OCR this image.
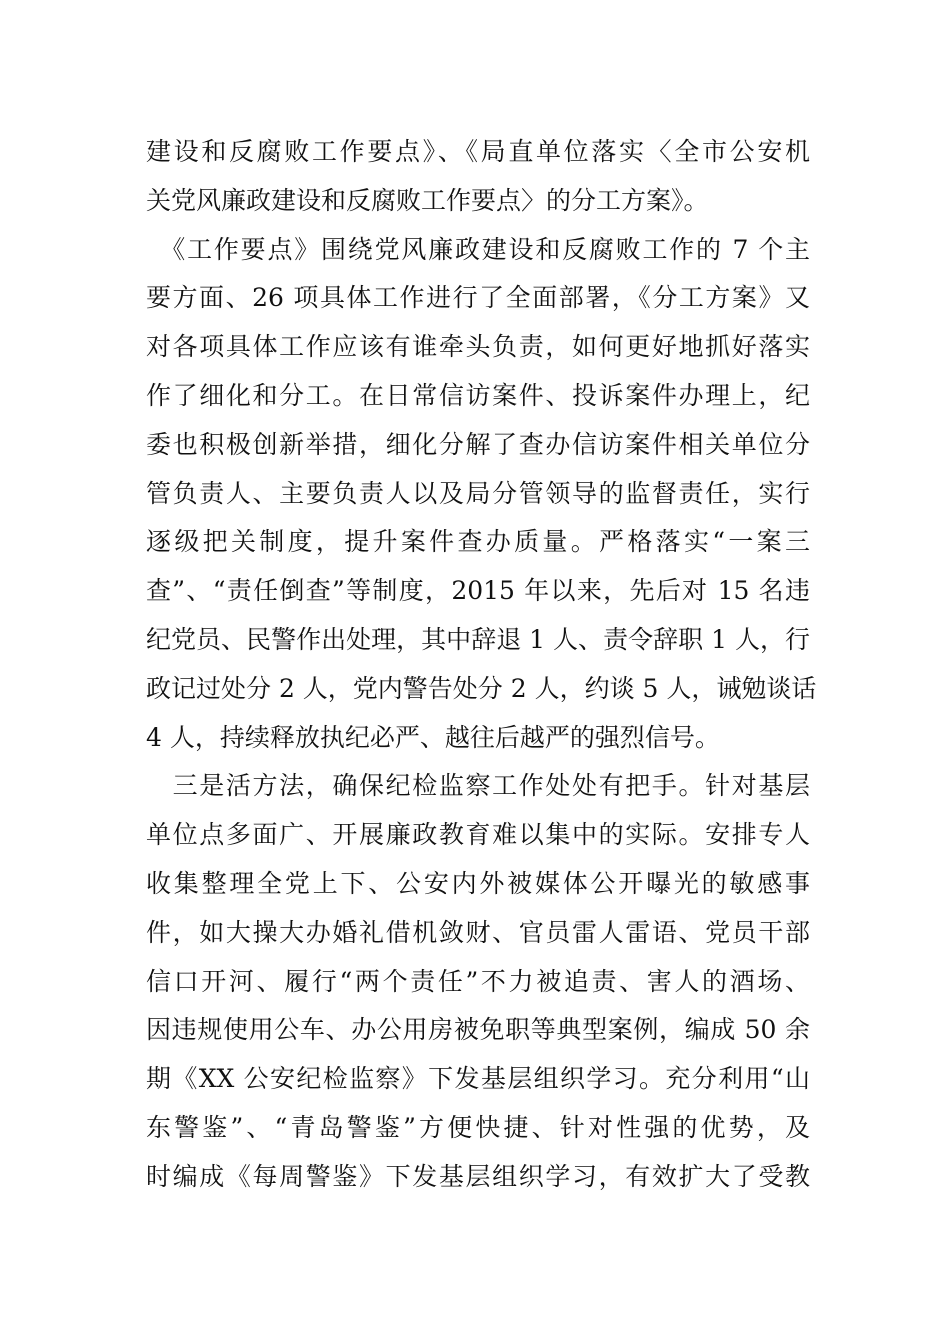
建设和反腐败工作要点》、《局直单位落实〈全市公安机
关党风廉政建设和反腐败工作要点〉的分工方案》。
　《工作要点》围绕党风廉政建设和反腐败工作的 7 个主
要方面、26 项具体工作进行了全面部署，《分工方案》又
对各项具体工作应该有谁牵头负责，如何更好地抓好落实
作了细化和分工。在日常信访案件、投诉案件办理上，纪
委也积极创新举措，细化分解了查办信访案件相关单位分
管负责人、主要负责人以及局分管领导的监督责任，实行
逐级把关制度，提升案件查办质量。严格落实“一案三
查”、“责任倒查”等制度，2015 年以来，先后对 15 名违
纪党员、民警作出处理，其中辞退 1 人、责令辞职 1 人，行
政记过处分 2 人，党内警告处分 2 人，约谈 5 人，诫勉谈话
4 人，持续释放执纪必严、越往后越严的强烈信号。
　三是活方法，确保纪检监察工作处处有把手。针对基层
单位点多面广、开展廉政教育难以集中的实际。安排专人
收集整理全党上下、公安内外被媒体公开曝光的敏感事
件，如大操大办婚礼借机敛财、官员雷人雷语、党员干部
信口开河、履行“两个责任”不力被追责、害人的酒场、
因违规使用公车、办公用房被免职等典型案例，编成 50 余
期《XX 公安纪检监察》下发基层组织学习。充分利用“山
东警鉴”、“青岛警鉴”方便快捷、针对性强的优势，及
时编成《每周警鉴》下发基层组织学习，有效扩大了受教
